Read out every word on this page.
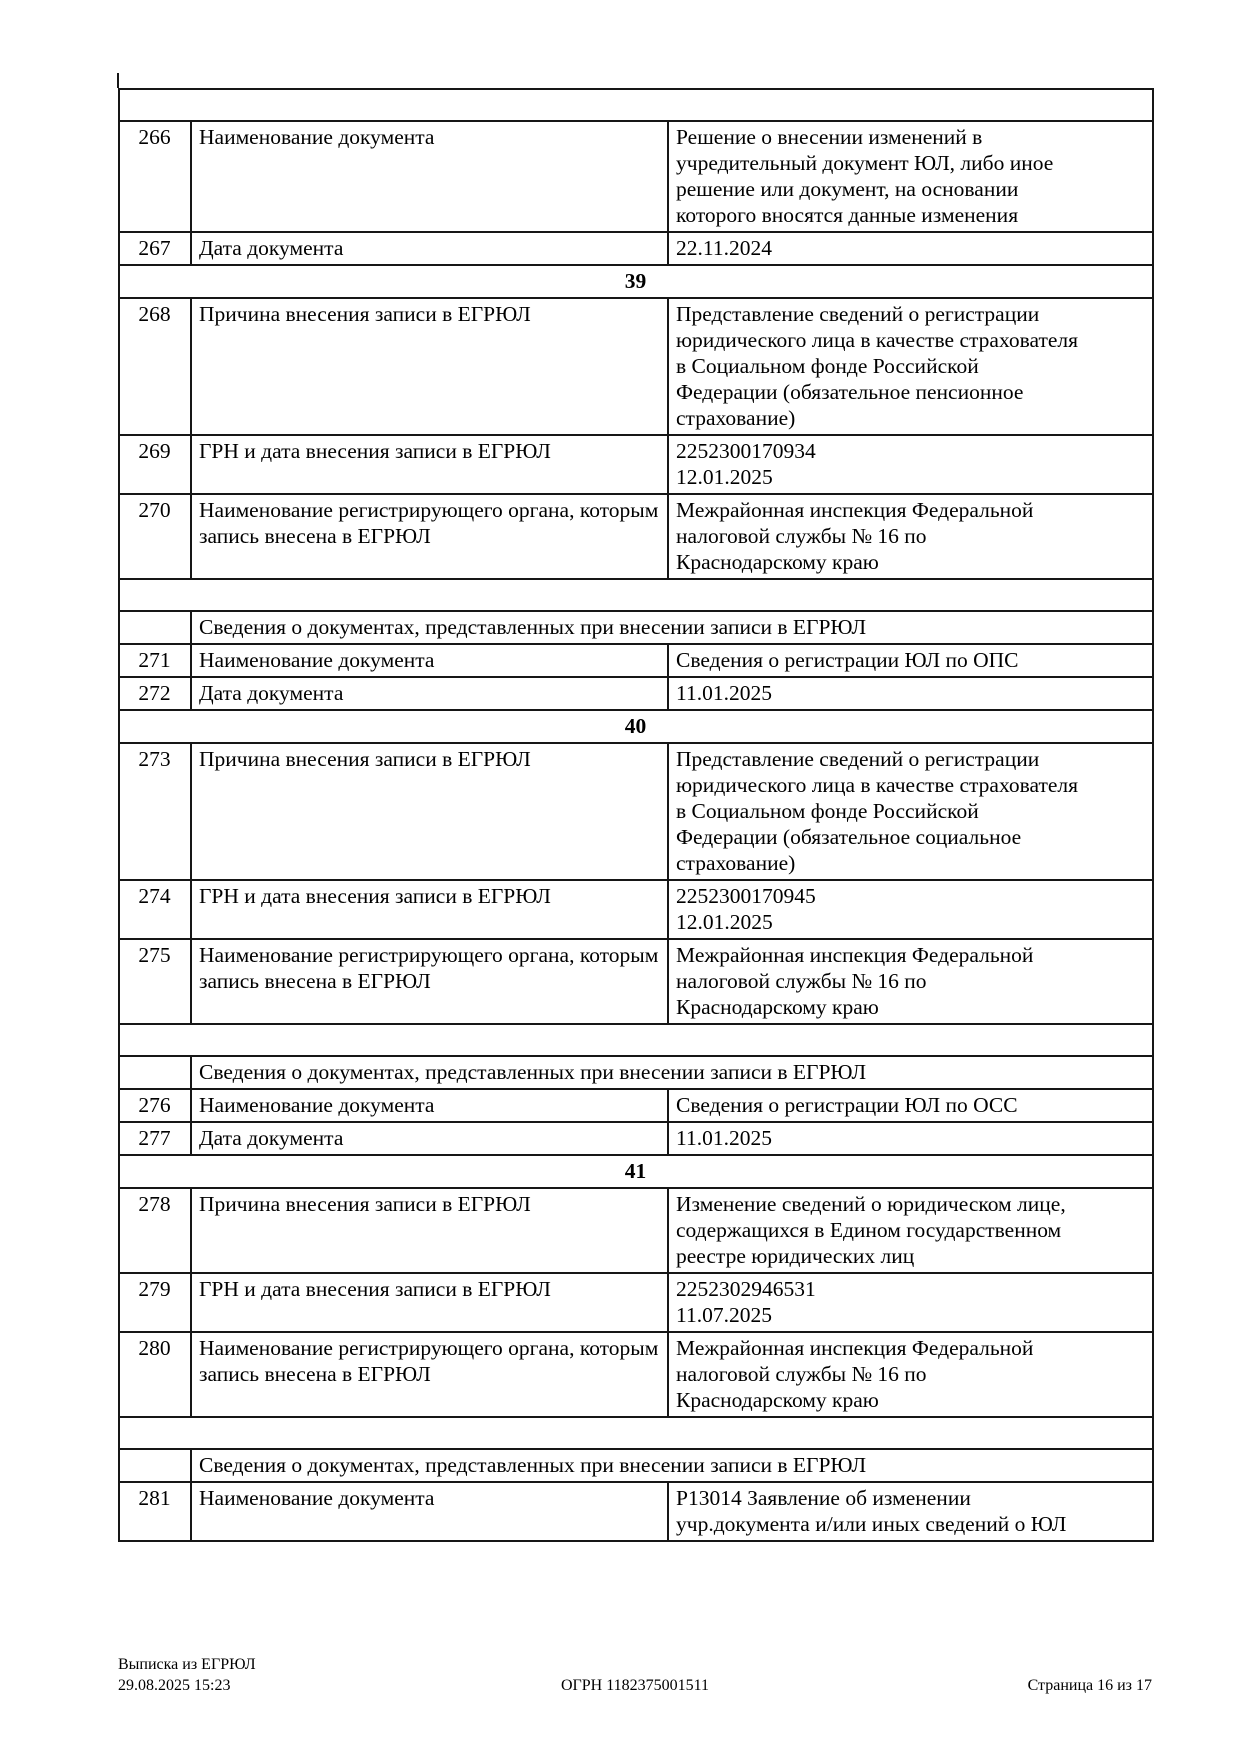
266	Наименование документа	Решение о внесении изменений в
учредительный документ ЮЛ, либо иное
решение или документ, на основании
которого вносятся данные изменения
267	Дата документа	22.11.2024
39		
268	Причина внесения записи в ЕГРЮЛ	Представление сведений о регистрации
юридического лица в качестве страхователя
в Социальном фонде Российской
Федерации (обязательное пенсионное
страхование)
269	ГРН и дата внесения записи в ЕГРЮЛ	2252300170934
12.01.2025
270	Наименование регистрирующего органа, которым запись внесена в ЕГРЮЛ	Межрайонная инспекция Федеральной
налоговой службы № 16 по
Краснодарскому краю

	Сведения о документах, представленных при внесении записи в ЕГРЮЛ	
271	Наименование документа	Сведения о регистрации ЮЛ по ОПС
272	Дата документа	11.01.2025
40		
273	Причина внесения записи в ЕГРЮЛ	Представление сведений о регистрации
юридического лица в качестве страхователя
в Социальном фонде Российской
Федерации (обязательное социальное
страхование)
274	ГРН и дата внесения записи в ЕГРЮЛ	2252300170945
12.01.2025
275	Наименование регистрирующего органа, которым запись внесена в ЕГРЮЛ	Межрайонная инспекция Федеральной
налоговой службы № 16 по
Краснодарскому краю

	Сведения о документах, представленных при внесении записи в ЕГРЮЛ	
276	Наименование документа	Сведения о регистрации ЮЛ по ОСС
277	Дата документа	11.01.2025
41		
278	Причина внесения записи в ЕГРЮЛ	Изменение сведений о юридическом лице,
содержащихся в Едином государственном
реестре юридических лиц
279	ГРН и дата внесения записи в ЕГРЮЛ	2252302946531
11.07.2025
280	Наименование регистрирующего органа, которым запись внесена в ЕГРЮЛ	Межрайонная инспекция Федеральной
налоговой службы № 16 по
Краснодарскому краю

	Сведения о документах, представленных при внесении записи в ЕГРЮЛ	
281	Наименование документа	Р13014 Заявление об изменении
учр.документа и/или иных сведений о ЮЛ
Выписка из ЕГРЮЛ
29.08.2025 15:23	ОГРН 1182375001511	Страница 16 из 17
